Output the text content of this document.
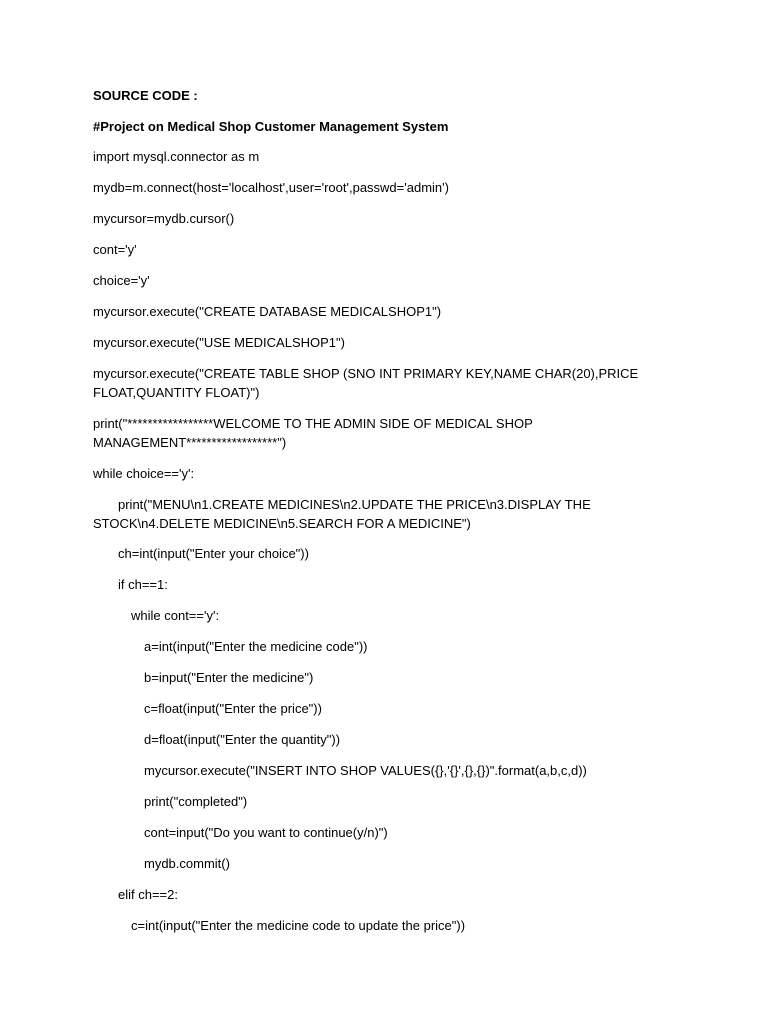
SOURCE CODE :
#Project on Medical Shop Customer Management System
import mysql.connector as m
mydb=m.connect(host='localhost',user='root',passwd='admin')
mycursor=mydb.cursor()
cont='y'
choice='y'
mycursor.execute("CREATE DATABASE MEDICALSHOP1")
mycursor.execute("USE MEDICALSHOP1")
mycursor.execute("CREATE TABLE SHOP (SNO INT PRIMARY KEY,NAME CHAR(20),PRICE FLOAT,QUANTITY FLOAT)")
print("*****************WELCOME TO THE ADMIN SIDE OF MEDICAL SHOP MANAGEMENT******************")
while choice=='y':
print("MENU\n1.CREATE MEDICINES\n2.UPDATE THE PRICE\n3.DISPLAY THE STOCK\n4.DELETE MEDICINE\n5.SEARCH FOR A MEDICINE")
ch=int(input("Enter your choice"))
if ch==1:
while cont=='y':
a=int(input("Enter the medicine code"))
b=input("Enter the medicine")
c=float(input("Enter the price"))
d=float(input("Enter the quantity"))
mycursor.execute("INSERT INTO SHOP VALUES({},'{}',{},{})".format(a,b,c,d))
print("completed")
cont=input("Do you want to continue(y/n)")
mydb.commit()
elif ch==2:
c=int(input("Enter the medicine code to update the price"))
